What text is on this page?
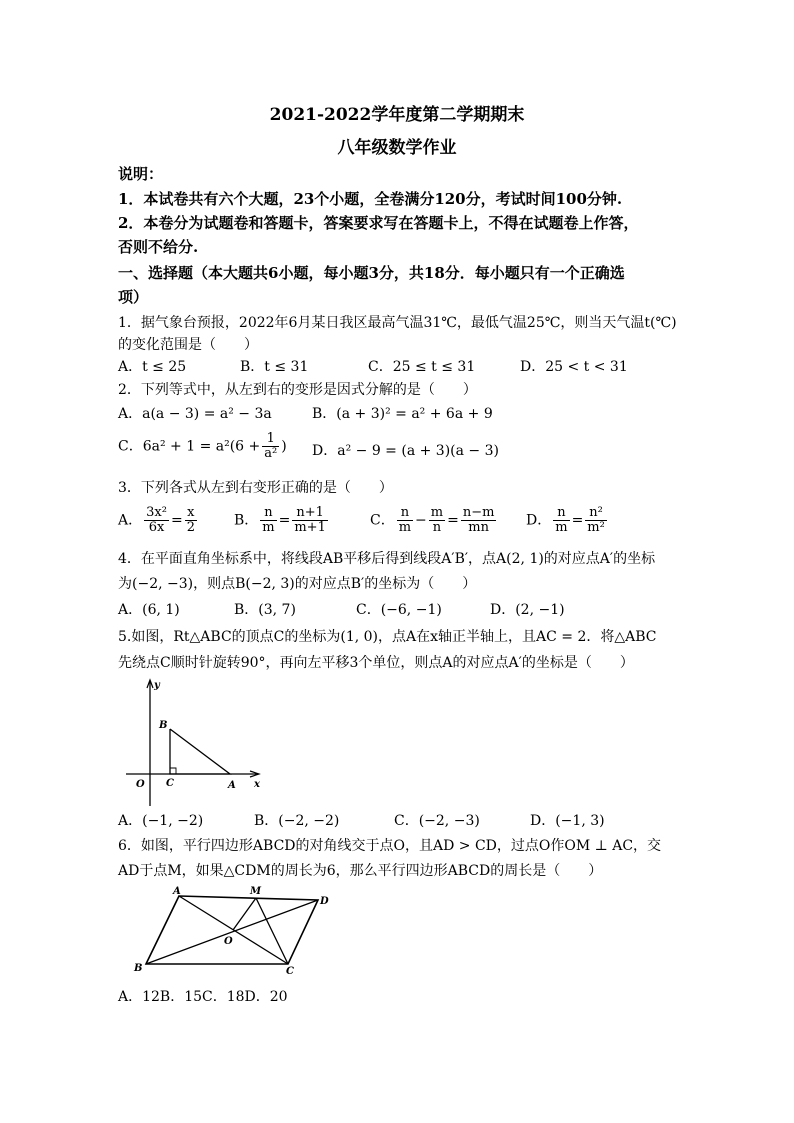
2021-2022学年度第二学期期末
八年级数学作业
说明：
1．本试卷共有六个大题，23个小题，全卷满分120分，考试时间100分钟.
2．本卷分为试题卷和答题卡，答案要求写在答题卡上，不得在试题卷上作答，
否则不给分.
一、选择题（本大题共6小题，每小题3分，共18分．每小题只有一个正确选
项）
1．据气象台预报，2022年6月某日我区最高气温31℃，最低气温25℃，则当天气温t(℃)
的变化范围是（　　）
A．t ≤ 25	B．t ≤ 31	C．25 ≤ t ≤ 31	D．25 < t < 31
2．下列等式中，从左到右的变形是因式分解的是（　　）
A．a(a − 3) = a² − 3a	B．(a + 3)² = a² + 6a + 9
C．$6a^2 + 1 = a^2(6 + \frac{1}{\text{a²}}$ ) D．a² − 9 = (a + 3)(a − 3)
3．下列各式从左到右变形正确的是（　　）
A． $\frac{\text{3x²}}{6x} = \frac{x}{2}$	B． $\frac{n}{m} = \frac{n+1}{m+1}$	C． $\frac{n}{m} - \frac{m}{n} = \frac{n-m}{mn}$ D． $\frac{n}{m} = \frac{\text{n²}}{\text{m²}}$
4．在平面直角坐标系中，将线段AB平移后得到线段A′B′，点A(2, 1)的对应点A′的坐标
为(−2, −3)，则点B(−2, 3)的对应点B′的坐标为（　　）
A．(6, 1)	B．(3, 7)	C．(−6, −1)	D．(2, −1)
5.如图，Rt△ABC的顶点C的坐标为(1, 0)，点A在x轴正半轴上，且AC = 2．将△ABC
先绕点C顺时针旋转90°，再向左平移3个单位，则点A的对应点A′的坐标是（　　）
y
x
O	A
B
C
A．(−1, −2)	B．(−2, −2)	C．(−2, −3)	D．(−1, 3)
6．如图，平行四边形ABCD的对角线交于点O，且AD > CD，过点O作OM ⊥ AC，交
AD于点M，如果△CDM的周长为6，那么平行四边形ABCD的周长是（　　）
A	M
D
O
B	C
A．12B．15C．18D．20
